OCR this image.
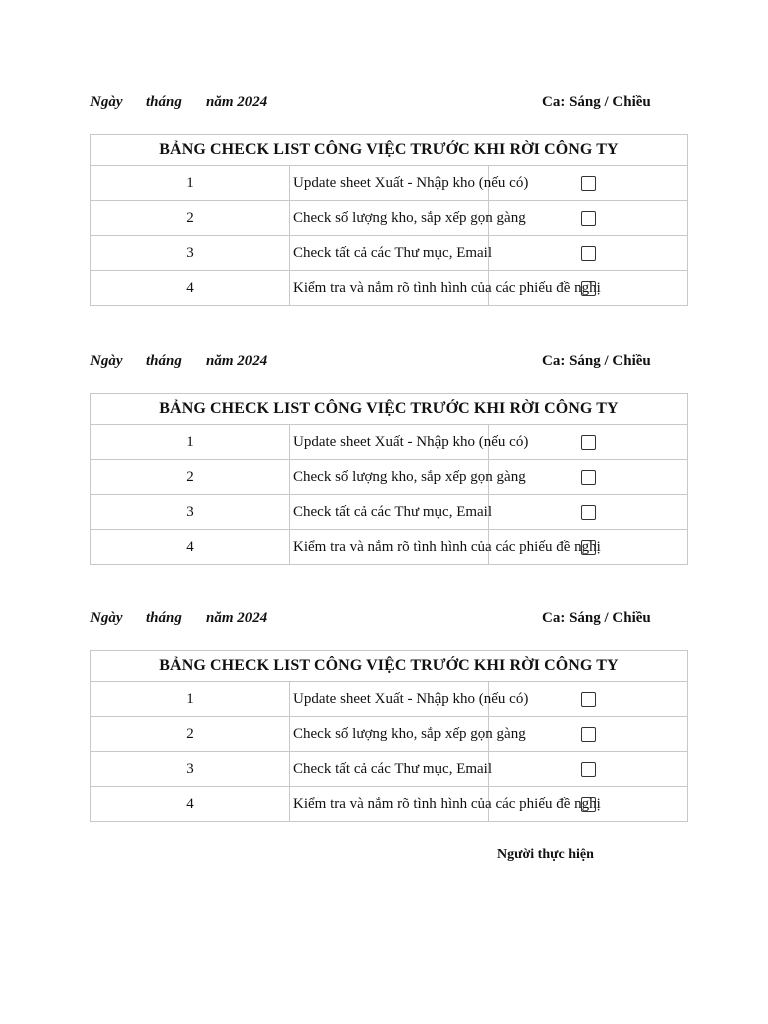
Ngày tháng năm 2024	Ca: Sáng / Chiều
BẢNG CHECK LIST CÔNG VIỆC TRƯỚC KHI RỜI CÔNG TY		
1	Update sheet Xuất - Nhập kho (nếu có)	
2	Check số lượng kho, sắp xếp gọn gàng	
3	Check tất cả các Thư mục, Email	
4	Kiểm tra và nắm rõ tình hình của các phiếu đề nghị	
Ngày tháng năm 2024	Ca: Sáng / Chiều
BẢNG CHECK LIST CÔNG VIỆC TRƯỚC KHI RỜI CÔNG TY		
1	Update sheet Xuất - Nhập kho (nếu có)	
2	Check số lượng kho, sắp xếp gọn gàng	
3	Check tất cả các Thư mục, Email	
4	Kiểm tra và nắm rõ tình hình của các phiếu đề nghị	
Ngày tháng năm 2024	Ca: Sáng / Chiều
BẢNG CHECK LIST CÔNG VIỆC TRƯỚC KHI RỜI CÔNG TY		
1	Update sheet Xuất - Nhập kho (nếu có)	
2	Check số lượng kho, sắp xếp gọn gàng	
3	Check tất cả các Thư mục, Email	
4	Kiểm tra và nắm rõ tình hình của các phiếu đề nghị	
Người thực hiện
